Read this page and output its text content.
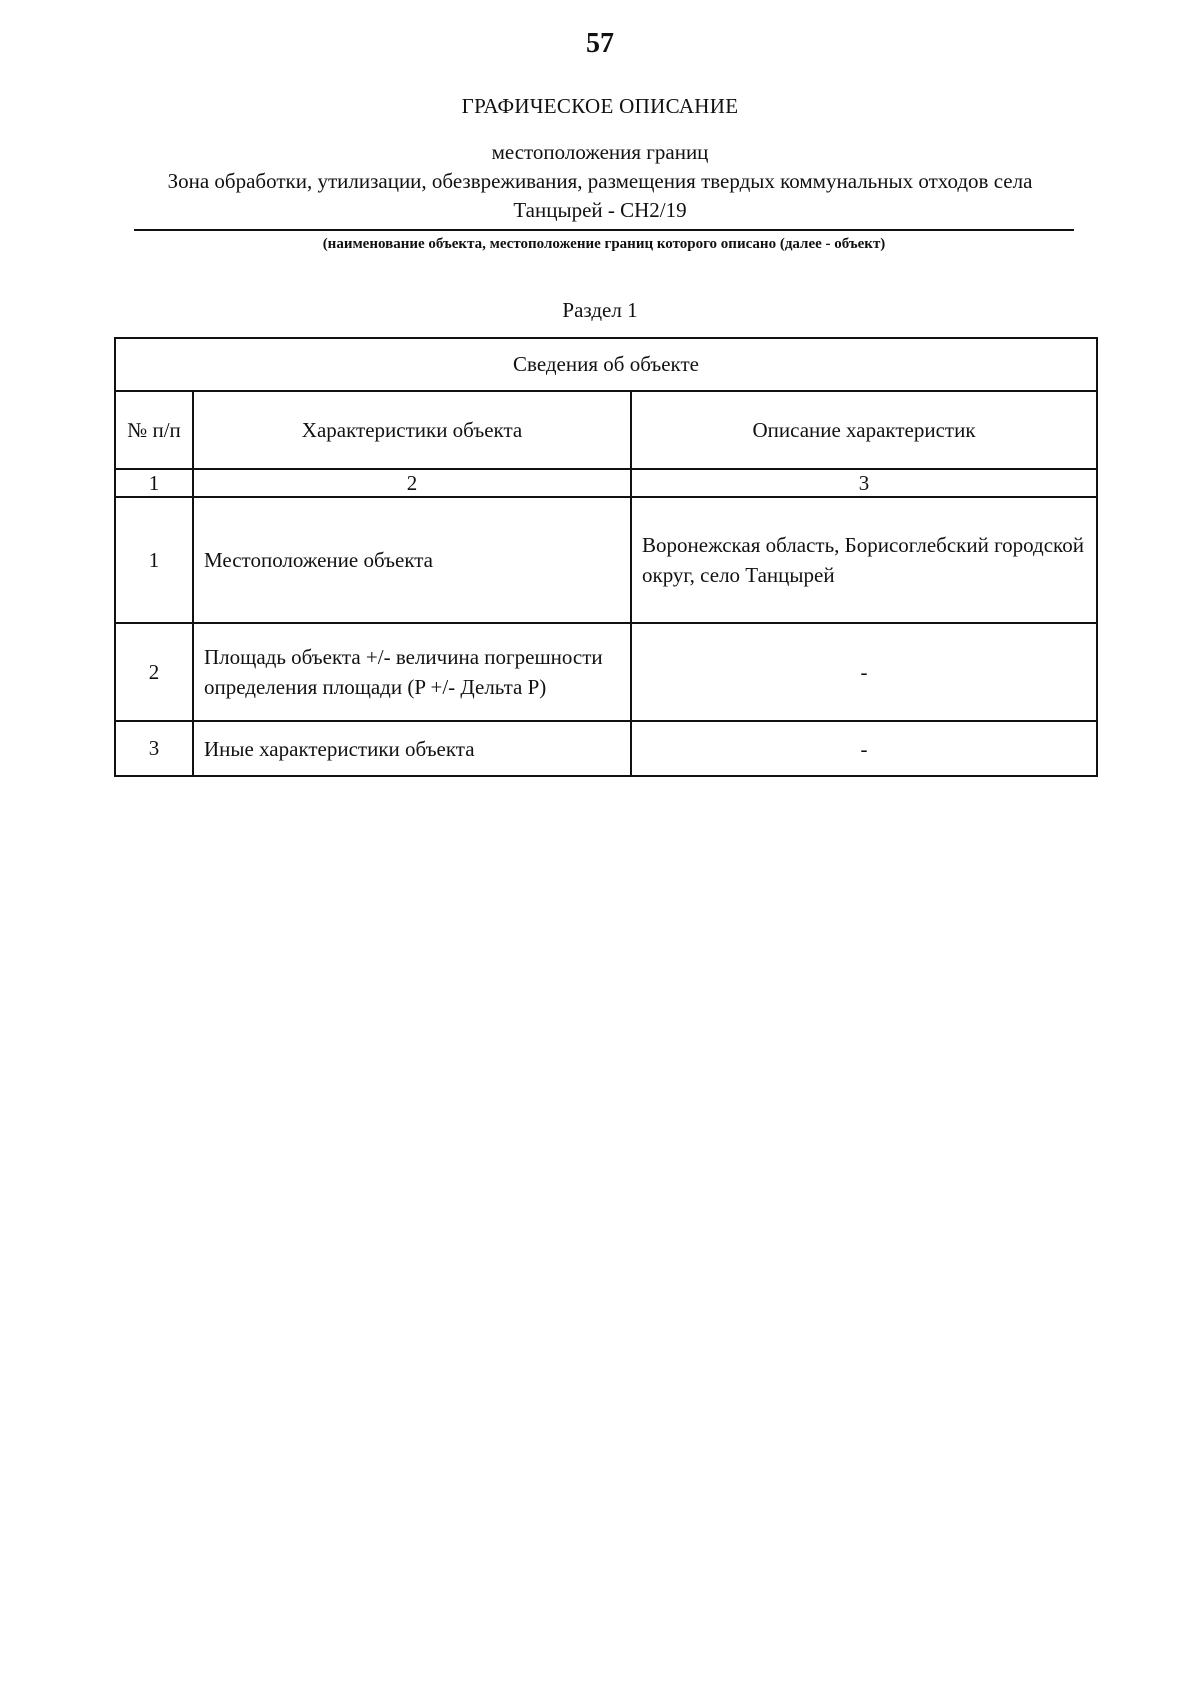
57
ГРАФИЧЕСКОЕ ОПИСАНИЕ
местоположения границ
Зона обработки, утилизации, обезвреживания, размещения твердых коммунальных отходов села Танцырей - СН2/19
(наименование объекта, местоположение границ которого описано (далее - объект)
Раздел 1
Сведения об объекте		
№ п/п	Характеристики объекта	Описание характеристик
1	2	3
1	Местоположение объекта	Воронежская область, Борисоглебский городской округ, село Танцырей
2	Площадь объекта +/- величина погрешности определения площади (P +/- Дельта P)	-
3	Иные характеристики объекта	-
